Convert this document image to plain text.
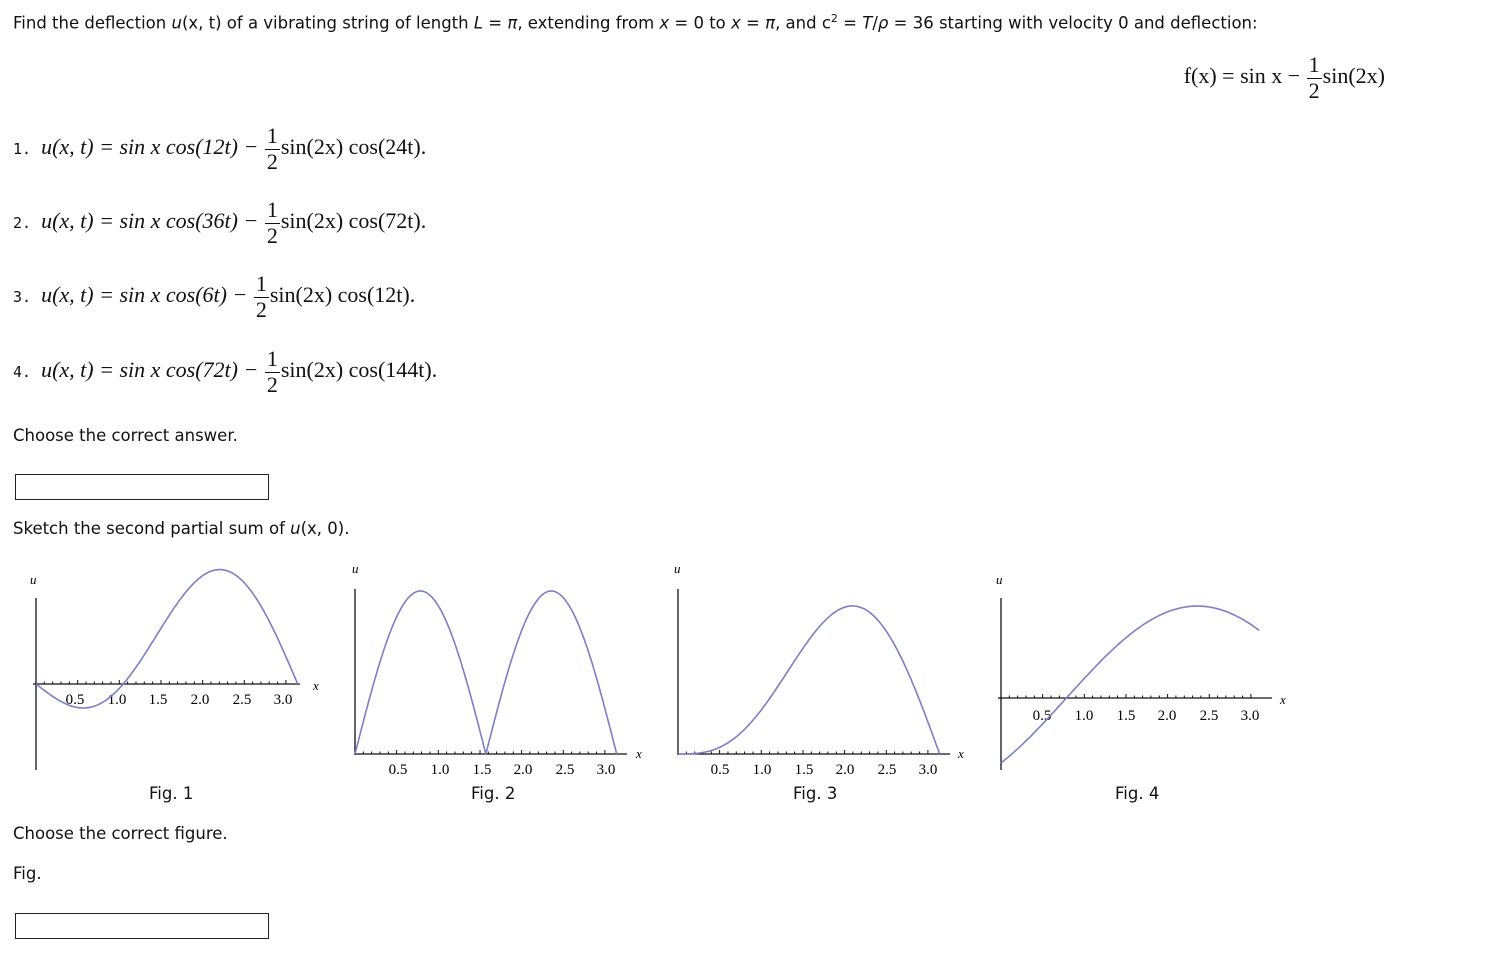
Find the deflection u(x, t) of a vibrating string of length L = π, extending from x = 0 to x = π, and $c^2 = T/\rho = 36$ starting with velocity 0 and deflection:
$f(x) = \sin x - \frac{1}{2} \sin(2x)$
1. u(x, t) = sin x $\cos(12t) - \frac{1}{2} \sin(2x)$ cos(24t).
2. u(x, t) = sin x $\cos(36t) - \frac{1}{2} \sin(2x)$ cos(72t).
3. u(x, t) = sin x $\cos(6t) - \frac{1}{2} \sin(2x)$ cos(12t).
4. u(x, t) = sin x $\cos(72t) - \frac{1}{2} \sin(2x)$ cos(144t).
Choose the correct answer.
Sketch the second partial sum of u(x, 0).
u
x
0.5 1.0 1.5 2.0 2.5 3.0
Fig. 1
u
x
0.5 1.0 1.5 2.0 2.5 3.0
Fig. 2
u
x
0.5 1.0 1.5 2.0 2.5 3.0
Fig. 3
u
x
0.5 1.0 1.5 2.0 2.5 3.0
Fig. 4
Choose the correct figure.
Fig.
